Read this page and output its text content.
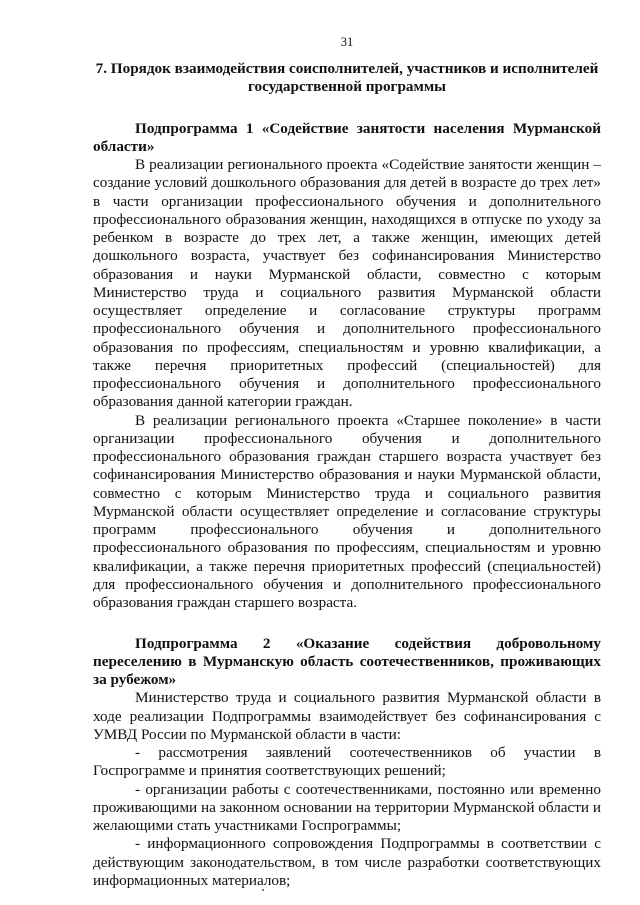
31
7. Порядок взаимодействия соисполнителей, участников и исполнителей государственной программы
Подпрограмма 1 «Содействие занятости населения Мурманской области»

В реализации регионального проекта «Содействие занятости женщин – создание условий дошкольного образования для детей в возрасте до трех лет» в части организации профессионального обучения и дополнительного профессионального образования женщин, находящихся в отпуске по уходу за ребенком в возрасте до трех лет, а также женщин, имеющих детей дошкольного возраста, участвует без софинансирования Министерство образования и науки Мурманской области, совместно с которым Министерство труда и социального развития Мурманской области осуществляет определение и согласование структуры программ профессионального обучения и дополнительного профессионального образования по профессиям, специальностям и уровню квалификации, а также перечня приоритетных профессий (специальностей) для профессионального обучения и дополнительного профессионального образования данной категории граждан.

В реализации регионального проекта «Старшее поколение» в части организации профессионального обучения и дополнительного профессионального образования граждан старшего возраста участвует без софинансирования Министерство образования и науки Мурманской области, совместно с которым Министерство труда и социального развития Мурманской области осуществляет определение и согласование структуры программ профессионального обучения и дополнительного профессионального образования по профессиям, специальностям и уровню квалификации, а также перечня приоритетных профессий (специальностей) для профессионального обучения и дополнительного профессионального образования граждан старшего возраста.

Подпрограмма 2 «Оказание содействия добровольному переселению в Мурманскую область соотечественников, проживающих за рубежом»

Министерство труда и социального развития Мурманской области в ходе реализации Подпрограммы взаимодействует без софинансирования с УМВД России по Мурманской области в части:

- рассмотрения заявлений соотечественников об участии в Госпрограмме и принятия соответствующих решений;

- организации работы с соотечественниками, постоянно или временно проживающими на законном основании на территории Мурманской области и желающими стать участниками Госпрограммы;

- информационного сопровождения Подпрограммы в соответствии с действующим законодательством, в том числе разработки соответствующих информационных материалов;
